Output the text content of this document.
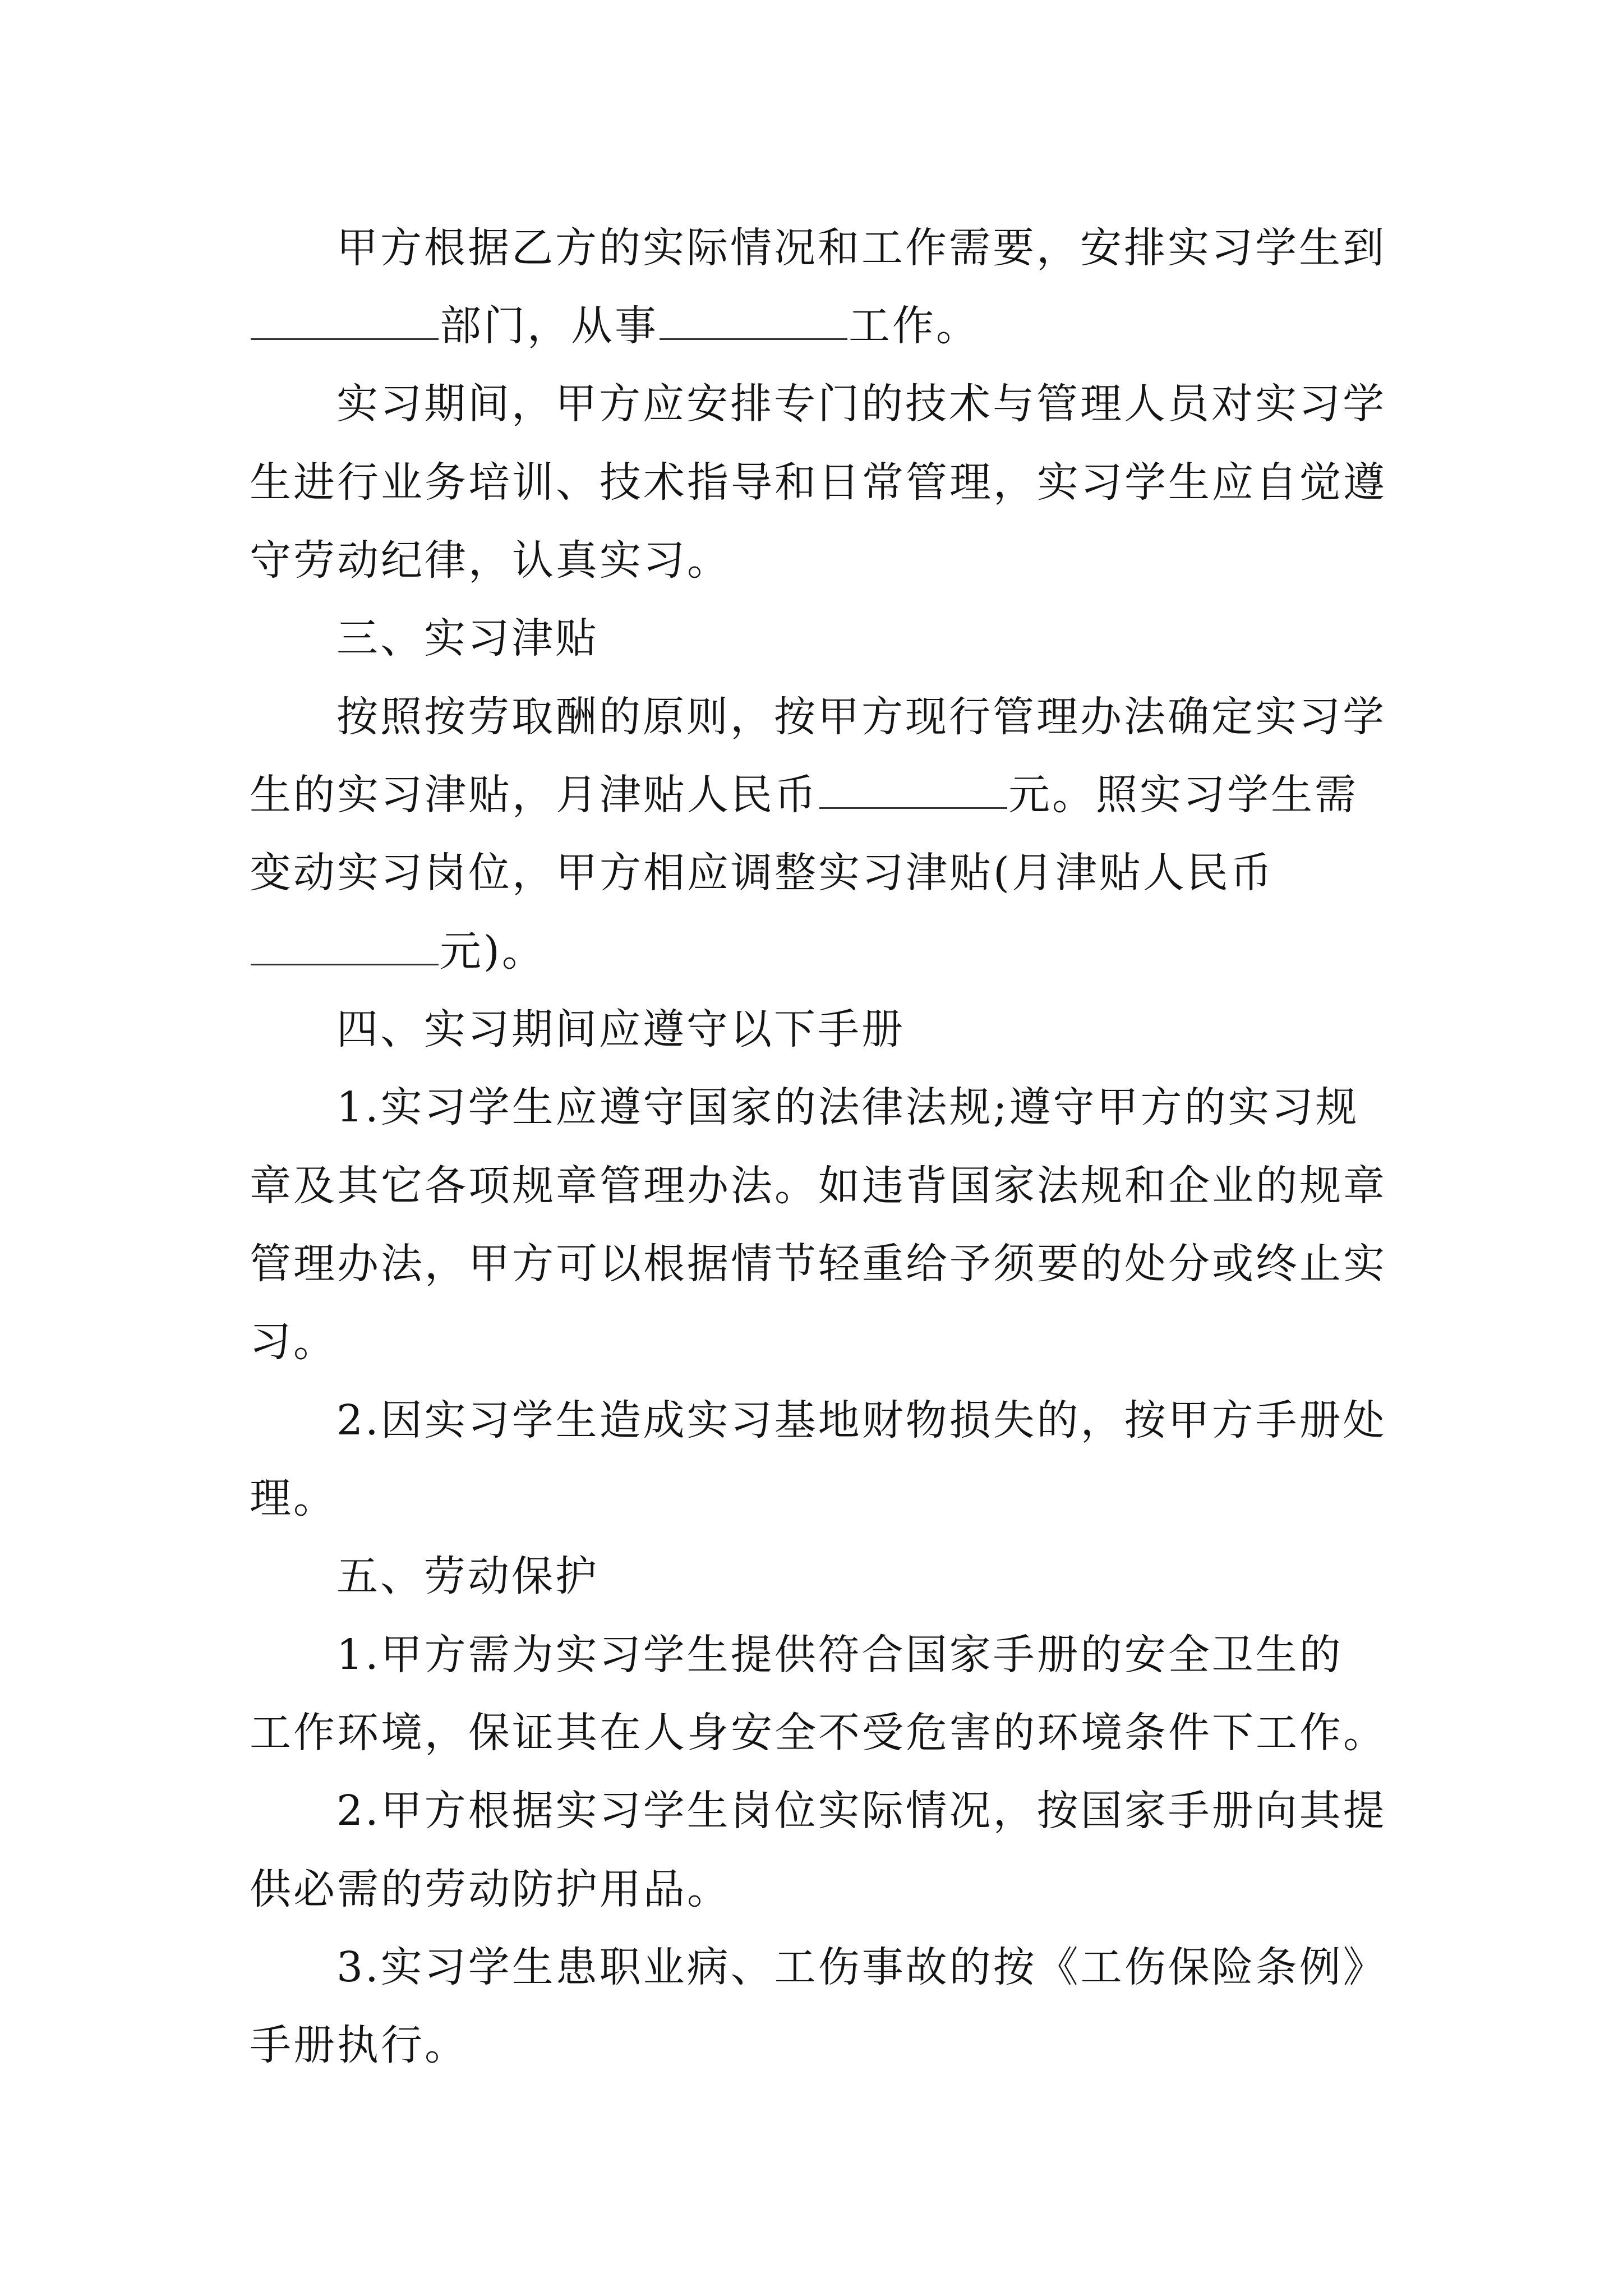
甲方根据乙方的实际情况和工作需要，安排实习学生到
部门，从事	工作。
实习期间，甲方应安排专门的技术与管理人员对实习学
生进行业务培训、技术指导和日常管理，实习学生应自觉遵
守劳动纪律，认真实习。
三、实习津贴
按照按劳取酬的原则，按甲方现行管理办法确定实习学
生的实习津贴，月津贴人民币	元。照实习学生需
变动实习岗位，甲方相应调整实习津贴(月津贴人民币
元)。
四、实习期间应遵守以下手册
1.实习学生应遵守国家的法律法规;遵守甲方的实习规
章及其它各项规章管理办法。如违背国家法规和企业的规章
管理办法，甲方可以根据情节轻重给予须要的处分或终止实
习。
2.因实习学生造成实习基地财物损失的，按甲方手册处
理。
五、劳动保护
1.甲方需为实习学生提供符合国家手册的安全卫生的
工作环境，保证其在人身安全不受危害的环境条件下工作。
2.甲方根据实习学生岗位实际情况，按国家手册向其提
供必需的劳动防护用品。
3.实习学生患职业病、工伤事故的按《工伤保险条例》
手册执行。
